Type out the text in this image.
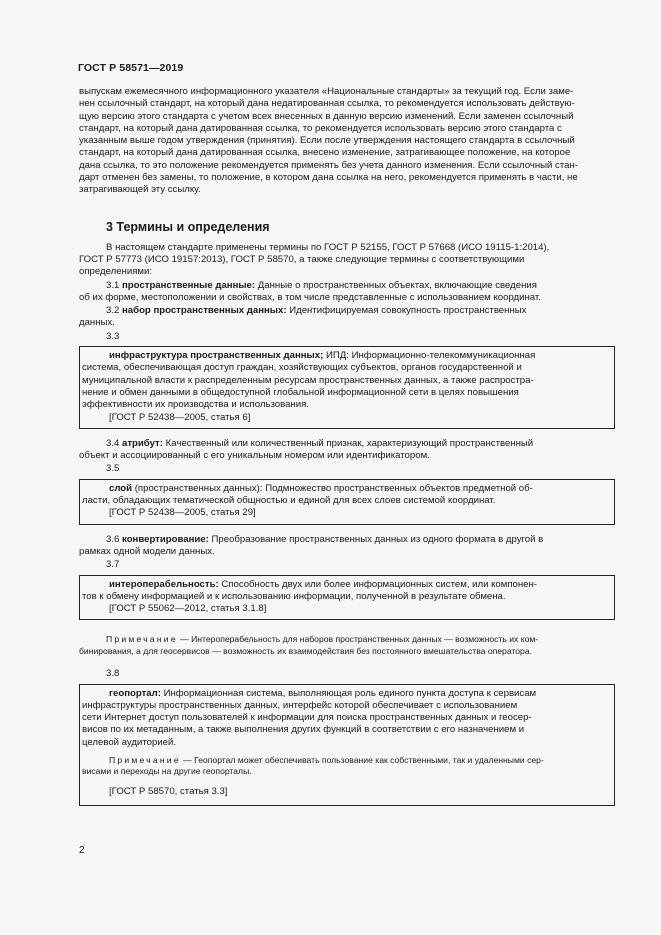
ГОСТ Р 58571—2019

выпускам ежемесячного информационного указателя «Национальные стандарты» за текущий год. Если заме-

нен ссылочный стандарт, на который дана недатированная ссылка, то рекомендуется использовать действую-

щую версию этого стандарта с учетом всех внесенных в данную версию изменений. Если заменен ссылочный

стандарт, на который дана датированная ссылка, то рекомендуется использовать версию этого стандарта с

указанным выше годом утверждения (принятия). Если после утверждения настоящего стандарта в ссылочный

стандарт, на который дана датированная ссылка, внесено изменение, затрагивающее положение, на которое

дана ссылка, то это положение рекомендуется применять без учета данного изменения. Если ссылочный стан-

дарт отменен без замены, то положение, в котором дана ссылка на него, рекомендуется применять в части, не

затрагивающей эту ссылку.

3 Термины и определения

В настоящем стандарте применены термины по ГОСТ Р 52155, ГОСТ Р 57668 (ИСО 19115-1:2014),

ГОСТ Р 57773 (ИСО 19157:2013), ГОСТ Р 58570, а также следующие термины с соответствующими

определениями:

3.1 пространственные данные: Данные о пространственных объектах, включающие сведения

об их форме, местоположении и свойствах, в том числе представленные с использованием координат.

3.2 набор пространственных данных: Идентифицируемая совокупность пространственных

данных.

3.3

инфраструктура пространственных данных; ИПД: Информационно-телекоммуникационная

система, обеспечивающая доступ граждан, хозяйствующих субъектов, органов государственной и

муниципальной власти к распределенным ресурсам пространственных данных, а также распростра-

нение и обмен данными в общедоступной глобальной информационной сети в целях повышения

эффективности их производства и использования.

[ГОСТ Р 52438—2005, статья 6]

3.4 атрибут: Качественный или количественный признак, характеризующий пространственный

объект и ассоциированный с его уникальным номером или идентификатором.

3.5

слой (пространственных данных): Подмножество пространственных объектов предметной об-

ласти, обладающих тематической общностью и единой для всех слоев системой координат.

[ГОСТ Р 52438—2005, статья 29]

3.6 конвертирование: Преобразование пространственных данных из одного формата в другой в

рамках одной модели данных.

3.7

интероперабельность: Способность двух или более информационных систем, или компонен-

тов к обмену информацией и к использованию информации, полученной в результате обмена.

[ГОСТ Р 55062—2012, статья 3.1.8]

Примечание — Интероперабельность для наборов пространственных данных — возможность их ком-

бинирования, а для геосервисов — возможность их взаимодействия без постоянного вмешательства оператора.

3.8

геопортал: Информационная система, выполняющая роль единого пункта доступа к сервисам

инфраструктуры пространственных данных, интерфейс которой обеспечивает с использованием

сети Интернет доступ пользователей к информации для поиска пространственных данных и геосер-

висов по их метаданным, а также выполнения других функций в соответствии с его назначением и

целевой аудиторией.

Примечание — Геопортал может обеспечивать пользование как собственными, так и удаленными сер-

висами и переходы на другие геопорталы.

[ГОСТ Р 58570, статья 3.3]

2
